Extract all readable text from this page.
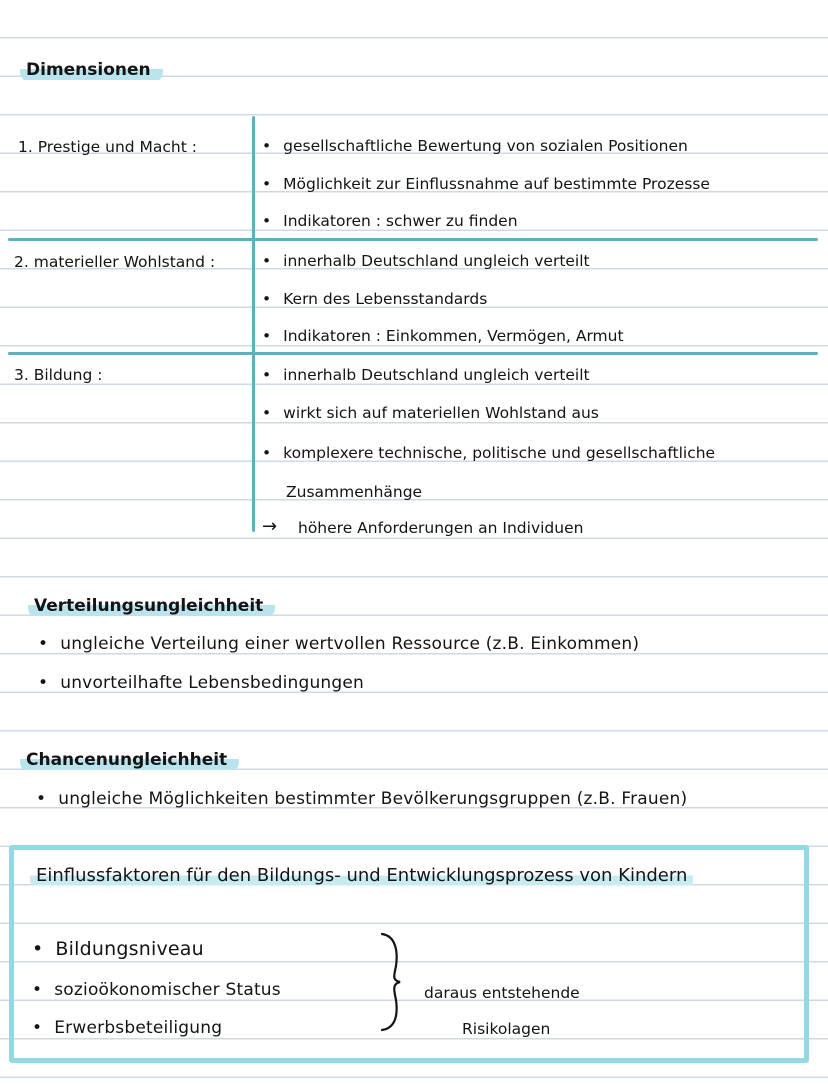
Dimensionen
1. Prestige und Macht :	• gesellschaftliche Bewertung von sozialen Positionen
• Möglichkeit zur Einflussnahme auf bestimmte Prozesse
• Indikatoren : schwer zu finden
2. materieller Wohlstand :	• innerhalb Deutschland ungleich verteilt
• Kern des Lebensstandards
• Indikatoren : Einkommen, Vermögen, Armut
3. Bildung :	• innerhalb Deutschland ungleich verteilt
• wirkt sich auf materiellen Wohlstand aus
• komplexere technische, politische und gesellschaftliche
Zusammenhänge
→ höhere Anforderungen an Individuen
Verteilungsungleichheit
• ungleiche Verteilung einer wertvollen Ressource (z.B. Einkommen)
• unvorteilhafte Lebensbedingungen
Chancenungleichheit
• ungleiche Möglichkeiten bestimmter Bevölkerungsgruppen (z.B. Frauen)
Einflussfaktoren für den Bildungs- und Entwicklungsprozess von Kindern
• Bildungsniveau
• sozioökonomischer Status
• Erwerbsbeteiligung
daraus entstehende
Risikolagen
